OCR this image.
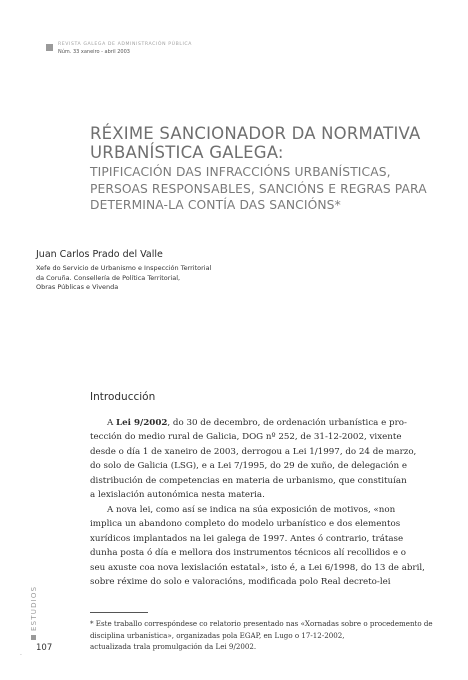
REVISTA GALEGA DE ADMINISTRACIÓN PÚBLICA
Núm. 33 xaneiro - abril 2003
RÉXIME SANCIONADOR DA NORMATIVA URBANÍSTICA GALEGA:
TIPIFICACIÓN DAS INFRACCIÓNS URBANÍSTICAS, PERSOAS RESPONSABLES, SANCIÓNS E REGRAS PARA DETERMINA-LA CONTÍA DAS SANCIÓNS*
Juan Carlos Prado del Valle
Xefe do Servicio de Urbanismo e Inspección Territorial
da Coruña. Consellería de Política Territorial,
Obras Públicas e Vivenda
Introducción
A Lei 9/2002, do 30 de decembro, de ordenación urbanística e pro-
tección do medio rural de Galicia, DOG nº 252, de 31-12-2002, vixente
desde o día 1 de xaneiro de 2003, derrogou a Lei 1/1997, do 24 de marzo,
do solo de Galicia (LSG), e a Lei 7/1995, do 29 de xuño, de delegación e
distribución de competencias en materia de urbanismo, que constituían
a lexislación autonómica nesta materia.
A nova lei, como así se indica na súa exposición de motivos, «non
implica un abandono completo do modelo urbanístico e dos elementos
xurídicos implantados na lei galega de 1997. Antes ó contrario, trátase
dunha posta ó día e mellora dos instrumentos técnicos alí recollidos e o
seu axuste coa nova lexislación estatal», isto é, a Lei 6/1998, do 13 de abril,
sobre réxime do solo e valoracións, modificada polo Real decreto-lei
* Este traballo correspóndese co relatorio presentado nas «Xornadas sobre o procedemento de disciplina urbanística», organizadas pola EGAP, en Lugo o 17-12-2002,
actualizada trala promulgación da Lei 9/2002.
ESTUDIOS
·
107
